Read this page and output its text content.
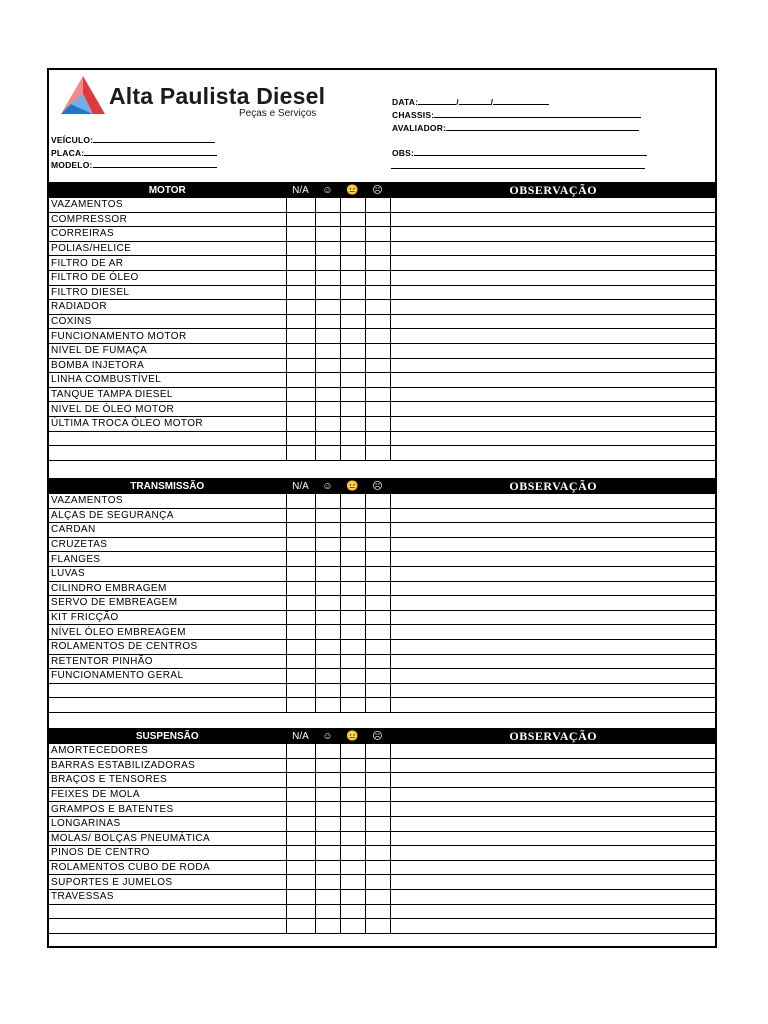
Alta Paulista Diesel
Peças e Serviços
DATA:	/	/
CHASSIS:
AVALIADOR:
OBS:
VEÍCULO:
PLACA:
MODELO:
MOTOR	N/A	☺	😐	☹	OBSERVAÇÃO
VAZAMENTOS					
COMPRESSOR					
CORREIRAS					
POLIAS/HELICE					
FILTRO DE AR					
FILTRO DE ÓLEO					
FILTRO DIESEL					
RADIADOR					
COXINS					
FUNCIONAMENTO MOTOR					
NIVEL DE FUMAÇA					
BOMBA INJETORA					
LINHA COMBUSTÍVEL					
TANQUE TAMPA DIESEL					
NIVEL DE ÓLEO MOTOR					
ÚLTIMA TROCA ÓLEO MOTOR					

TRANSMISSÃO	N/A	☺	😐	☹	OBSERVAÇÃO
VAZAMENTOS					
ALÇAS DE SEGURANÇA					
CARDAN					
CRUZETAS					
FLANGES					
LUVAS					
CILINDRO EMBRAGEM					
SERVO DE EMBREAGEM					
KIT FRICÇÃO					
NÍVEL ÓLEO EMBREAGEM					
ROLAMENTOS DE CENTROS					
RETENTOR PINHÃO					
FUNCIONAMENTO GERAL					

SUSPENSÃO	N/A	☺	😐	☹	OBSERVAÇÃO
AMORTECEDORES					
BARRAS ESTABILIZADORAS					
BRAÇOS E TENSORES					
FEIXES DE MOLA					
GRAMPOS E BATENTES					
LONGARINAS					
MOLAS/ BOLÇAS PNEUMÁTICA					
PINOS DE CENTRO					
ROLAMENTOS CUBO DE RODA					
SUPORTES E JUMELOS					
TRAVESSAS					
